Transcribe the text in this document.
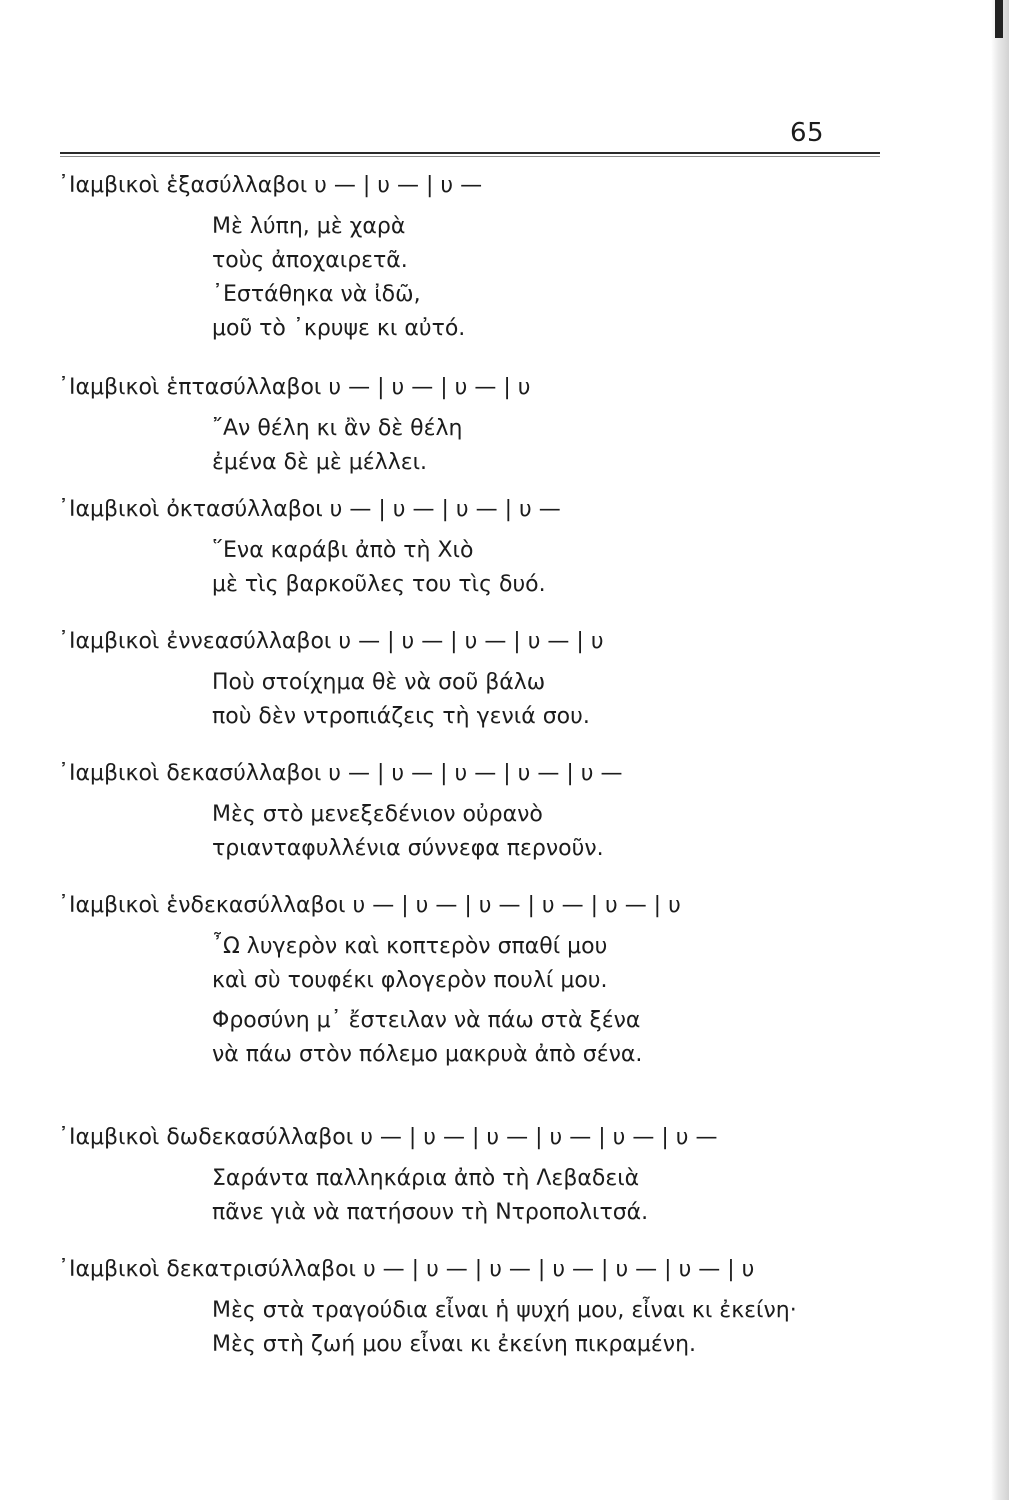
65
᾿Ιαμβικοὶ ἑξασύλλαβοι υ — | υ — | υ —
Μὲ λύπη, μὲ χαρὰ
τοὺς ἀποχαιρετᾶ.
᾿Εστάθηκα νὰ ἰδῶ,
μοῦ τὸ ᾿κρυψε κι αὐτό.
᾿Ιαμβικοὶ ἑπτασύλλαβοι υ — | υ — | υ — | υ
῎Αν θέλη κι ἂν δὲ θέλη
ἐμένα δὲ μὲ μέλλει.
᾿Ιαμβικοὶ ὀκτασύλλαβοι υ — | υ — | υ — | υ —
῞Ενα καράβι ἀπὸ τὴ Χιὸ
μὲ τὶς βαρκοῦλες του τὶς δυό.
᾿Ιαμβικοὶ ἐννεασύλλαβοι υ — | υ — | υ — | υ — | υ
Ποὺ στοίχημα θὲ νὰ σοῦ βάλω
ποὺ δὲν ντροπιάζεις τὴ γενιά σου.
᾿Ιαμβικοὶ δεκασύλλαβοι υ — | υ — | υ — | υ — | υ —
Μὲς στὸ μενεξεδένιον οὐρανὸ
τριανταφυλλένια σύννεφα περνοῦν.
᾿Ιαμβικοὶ ἑνδεκασύλλαβοι υ — | υ — | υ — | υ — | υ — | υ
῏Ω λυγερὸν καὶ κοπτερὸν σπαθί μου
καὶ σὺ τουφέκι φλογερὸν πουλί μου.
Φροσύνη μ᾿ ἔστειλαν νὰ πάω στὰ ξένα
νὰ πάω στὸν πόλεμο μακρυὰ ἀπὸ σένα.
᾿Ιαμβικοὶ δωδεκασύλλαβοι υ — | υ — | υ — | υ — | υ — | υ —
Σαράντα παλληκάρια ἀπὸ τὴ Λεβαδειὰ
πᾶνε γιὰ νὰ πατήσουν τὴ Ντροπολιτσά.
᾿Ιαμβικοὶ δεκατρισύλλαβοι υ — | υ — | υ — | υ — | υ — | υ — | υ
Μὲς στὰ τραγούδια εἶναι ἡ ψυχή μου, εἶναι κι ἐκείνη·
Μὲς στὴ ζωή μου εἶναι κι ἐκείνη πικραμένη.
